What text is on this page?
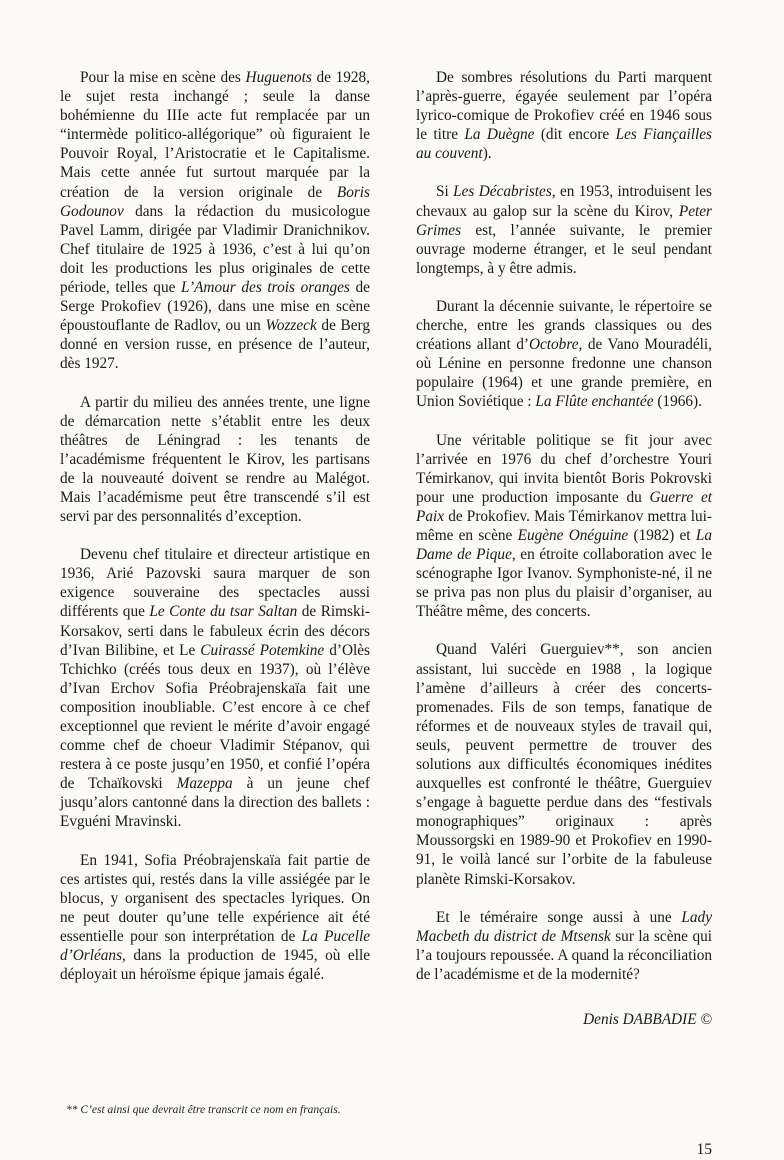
Pour la mise en scène des Huguenots de 1928, le sujet resta inchangé ; seule la danse bohémienne du IIIe acte fut remplacée par un “intermède politico-allégorique” où figuraient le Pouvoir Royal, l’Aristocratie et le Capitalisme. Mais cette année fut surtout marquée par la création de la version originale de Boris Godounov dans la rédaction du musicologue Pavel Lamm, dirigée par Vladimir Dranichnikov. Chef titulaire de 1925 à 1936, c’est à lui qu’on doit les productions les plus originales de cette période, telles que L’Amour des trois oranges de Serge Prokofiev (1926), dans une mise en scène époustouflante de Radlov, ou un Wozzeck de Berg donné en version russe, en présence de l’auteur, dès 1927.

A partir du milieu des années trente, une ligne de démarcation nette s’établit entre les deux théâtres de Léningrad : les tenants de l’académisme fréquentent le Kirov, les partisans de la nouveauté doivent se rendre au Malégot. Mais l’académisme peut être transcendé s’il est servi par des personnalités d’exception.

Devenu chef titulaire et directeur artistique en 1936, Arié Pazovski saura marquer de son exigence souveraine des spectacles aussi différents que Le Conte du tsar Saltan de Rimski-Korsakov, serti dans le fabuleux écrin des décors d’Ivan Bilibine, et Le Cuirassé Potemkine d’Olès Tchichko (créés tous deux en 1937), où l’élève d’Ivan Erchov Sofia Préobrajenskaïa fait une composition inoubliable. C’est encore à ce chef exceptionnel que revient le mérite d’avoir engagé comme chef de choeur Vladimir Stépanov, qui restera à ce poste jusqu’en 1950, et confié l’opéra de Tchaïkovski Mazeppa à un jeune chef jusqu’alors cantonné dans la direction des ballets : Evguéni Mravinski.

En 1941, Sofia Préobrajenskaïa fait partie de ces artistes qui, restés dans la ville assiégée par le blocus, y organisent des spectacles lyriques. On ne peut douter qu’une telle expérience ait été essentielle pour son interprétation de La Pucelle d’Orléans, dans la production de 1945, où elle déployait un héroïsme épique jamais égalé.

De sombres résolutions du Parti marquent l’après-guerre, égayée seulement par l’opéra lyrico-comique de Prokofiev créé en 1946 sous le titre La Duègne (dit encore Les Fiançailles au couvent).

Si Les Décabristes, en 1953, introduisent les chevaux au galop sur la scène du Kirov, Peter Grimes est, l’année suivante, le premier ouvrage moderne étranger, et le seul pendant longtemps, à y être admis.

Durant la décennie suivante, le répertoire se cherche, entre les grands classiques ou des créations allant d’Octobre, de Vano Mouradéli, où Lénine en personne fredonne une chanson populaire (1964) et une grande première, en Union Soviétique : La Flûte enchantée (1966).

Une véritable politique se fit jour avec l’arrivée en 1976 du chef d’orchestre Youri Témirkanov, qui invita bientôt Boris Pokrovski pour une production imposante du Guerre et Paix de Prokofiev. Mais Témirkanov mettra lui-même en scène Eugène Onéguine (1982) et La Dame de Pique, en étroite collaboration avec le scénographe Igor Ivanov. Symphoniste-né, il ne se priva pas non plus du plaisir d’organiser, au Théâtre même, des concerts.

Quand Valéri Guerguiev**, son ancien assistant, lui succède en 1988 , la logique l’amène d’ailleurs à créer des concerts-promenades. Fils de son temps, fanatique de réformes et de nouveaux styles de travail qui, seuls, peuvent permettre de trouver des solutions aux difficultés économiques inédites auxquelles est confronté le théâtre, Guerguiev s’engage à baguette perdue dans des “festivals monographiques” originaux : après Moussorgski en 1989-90 et Prokofiev en 1990-91, le voilà lancé sur l’orbite de la fabuleuse planète Rimski-Korsakov.

Et le téméraire songe aussi à une Lady Macbeth du district de Mtsensk sur la scène qui l’a toujours repoussée. A quand la réconciliation de l’académisme et de la modernité?

Denis DABBADIE ©
** C’est ainsi que devrait être transcrit ce nom en français.
15
